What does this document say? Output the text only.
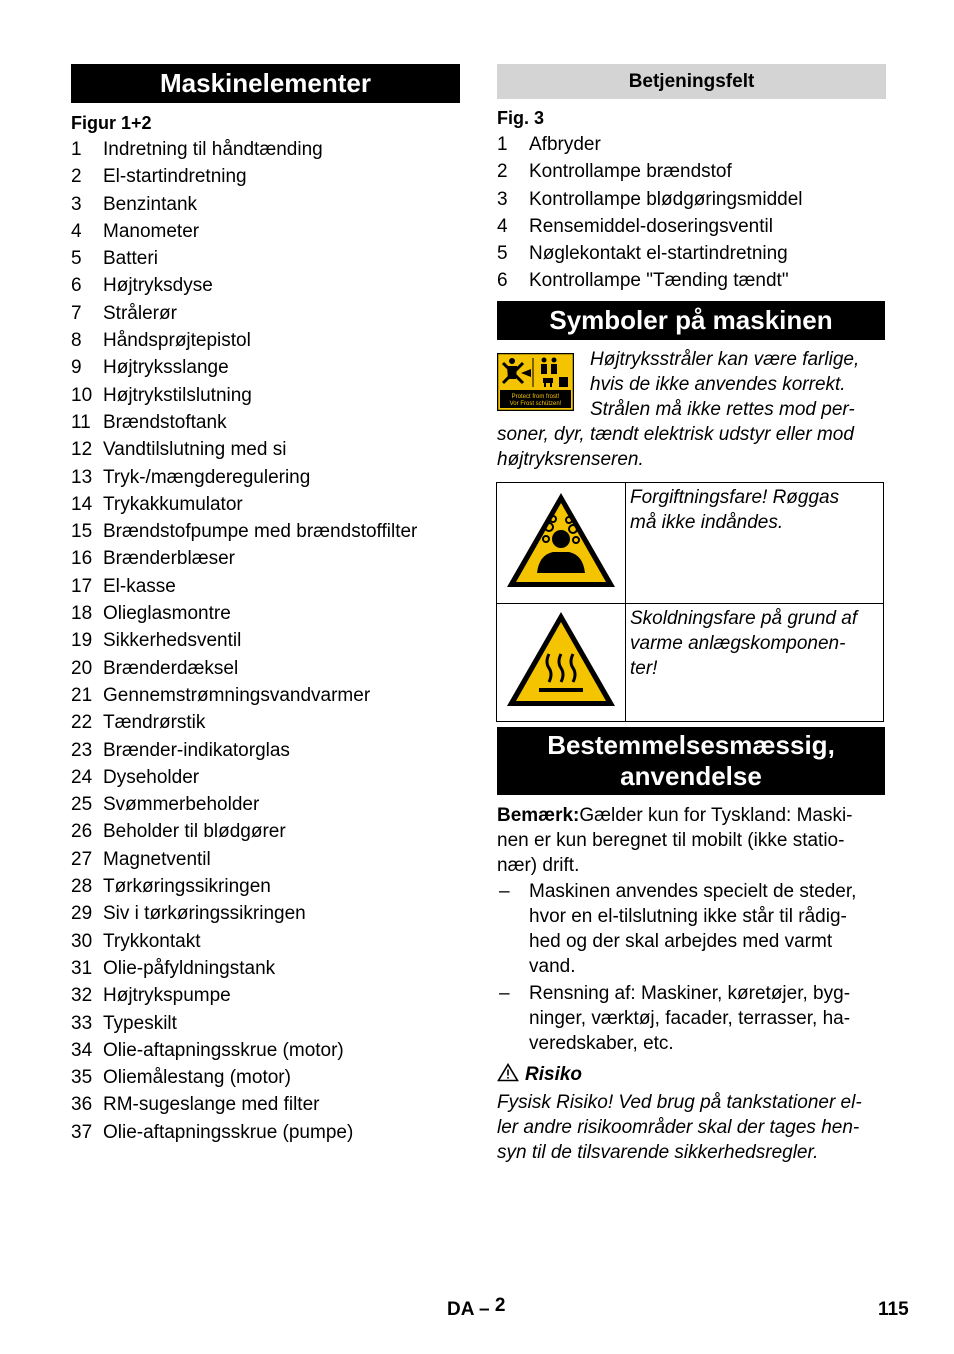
Maskinelementer
Figur 1+2
1 Indretning til håndtænding
2 El-startindretning
3 Benzintank
4 Manometer
5 Batteri
6 Højtryksdyse
7 Strålerør
8 Håndsprøjtepistol
9 Højtryksslange
10 Højtrykstilslutning
11 Brændstoftank
12 Vandtilslutning med si
13 Tryk-/mængderegulering
14 Trykakkumulator
15 Brændstofpumpe med brændstoffilter
16 Brænderblæser
17 El-kasse
18 Olieglasmontre
19 Sikkerhedsventil
20 Brænderdæksel
21 Gennemstrømningsvandvarmer
22 Tændrørstik
23 Brænder-indikatorglas
24 Dyseholder
25 Svømmerbeholder
26 Beholder til blødgører
27 Magnetventil
28 Tørkøringssikringen
29 Siv i tørkøringssikringen
30 Trykkontakt
31 Olie-påfyldningstank
32 Højtrykspumpe
33 Typeskilt
34 Olie-aftapningsskrue (motor)
35 Oliemålestang (motor)
36 RM-sugeslange med filter
37 Olie-aftapningsskrue (pumpe)
Betjeningsfelt
Fig. 3
1 Afbryder
2 Kontrollampe brændstof
3 Kontrollampe blødgøringsmiddel
4 Rensemiddel-doseringsventil
5 Nøglekontakt el-startindretning
6 Kontrollampe "Tænding tændt"
Symboler på maskinen
Protect from frost!
Vor Frost schützen!
Højtryksstråler kan være farlige,
hvis de ikke anvendes korrekt.
Strålen må ikke rettes mod per-
soner, dyr, tændt elektrisk udstyr eller mod
højtryksrenseren.

Forgiftningsfare! Røggas
må ikke indåndes.

Skoldningsfare på grund af
varme anlægskomponen-
ter!
Bestemmelsesmæssig,
anvendelse
Bemærk:Gælder kun for Tyskland: Maski-
nen er kun beregnet til mobilt (ikke statio-
nær) drift.
– Maskinen anvendes specielt de steder,
hvor en el-tilslutning ikke står til rådig-
hed og der skal arbejdes med varmt
vand.
– Rensning af: Maskiner, køretøjer, byg-
ninger, værktøj, facader, terrasser, ha-
veredskaber, etc.
Risiko
Fysisk Risiko! Ved brug på tankstationer el-
ler andre risikoområder skal der tages hen-
syn til de tilsvarende sikkerhedsregler.
DA – 2	115
